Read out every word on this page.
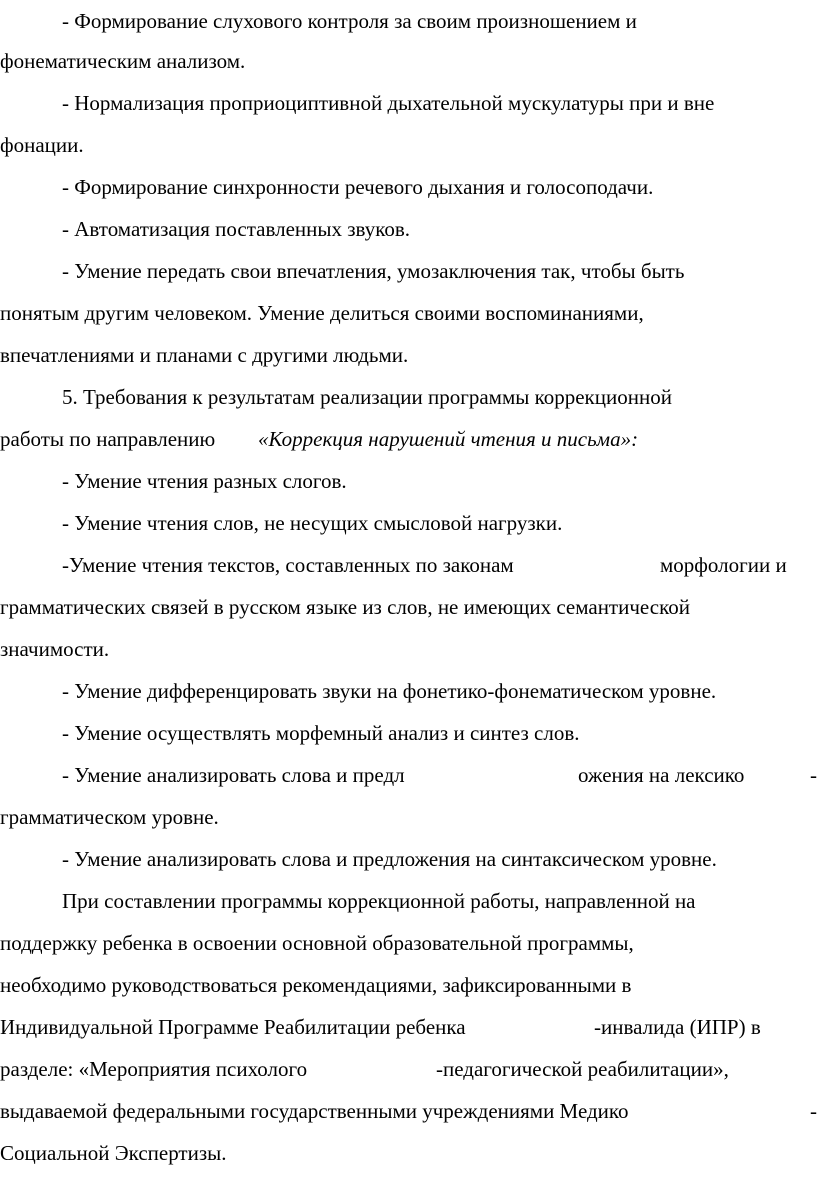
- Формирование слухового контроля за своим произношением и
фонематическим анализом.
- Нормализация проприоциптивной дыхательной мускулатуры при и вне
фонации.
- Формирование синхронности речевого дыхания и голосоподачи.
- Автоматизация поставленных звуков.
- Умение передать свои впечатления, умозаключения так, чтобы быть
понятым другим человеком. Умение делиться своими воспоминаниями,
впечатлениями и планами с другими людьми.
5. Требования к результатам реализации программы коррекционной
работы по направлению «Коррекция нарушений чтения и письма»:
- Умение чтения разных слогов.
- Умение чтения слов, не несущих смысловой нагрузки.
-Умение чтения текстов, составленных по законам	морфологии и
грамматических связей в русском языке из слов, не имеющих семантической
значимости.
- Умение дифференцировать звуки на фонетико-фонематическом уровне.
- Умение осуществлять морфемный анализ и синтез слов.
- Умение анализировать слова и предл	ожения на лексико	-
грамматическом уровне.
- Умение анализировать слова и предложения на синтаксическом уровне.
При составлении программы коррекционной работы, направленной на
поддержку ребенка в освоении основной образовательной программы,
необходимо руководствоваться рекомендациями, зафиксированными в
Индивидуальной Программе Реабилитации ребенка	-инвалида (ИПР) в
разделе: «Мероприятия психолого	-педагогической реабилитации»,
выдаваемой федеральными государственными учреждениями Медико	-
Социальной Экспертизы.
